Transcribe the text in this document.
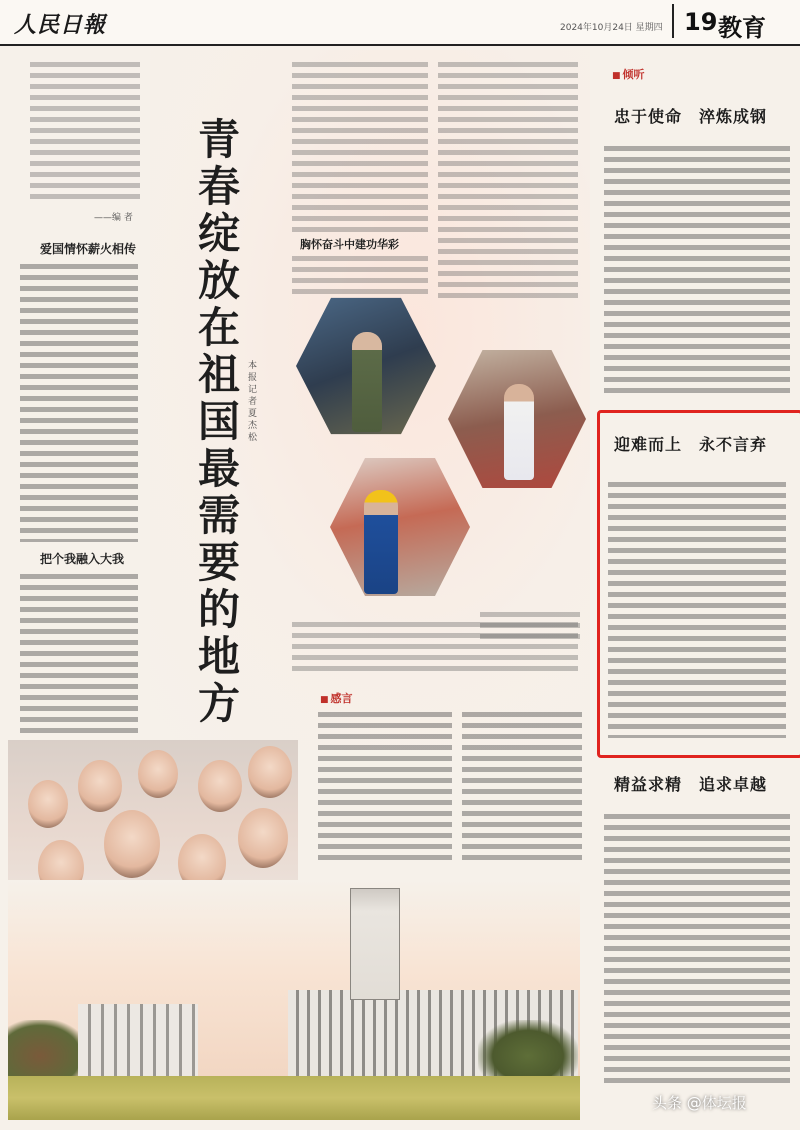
人民日報	2024年10月24日 星期四 19 教育
——编 者
爱国情怀薪火相传
把个我融入大我
青
春
绽
放
在
祖
国
最
需
要
的
地
方
本报记者 夏杰松
胸怀奋斗中建功华彩
■ 感言
■ 倾听
忠于使命　淬炼成钢
迎难而上　永不言弃
精益求精　追求卓越
头条 @体坛报
